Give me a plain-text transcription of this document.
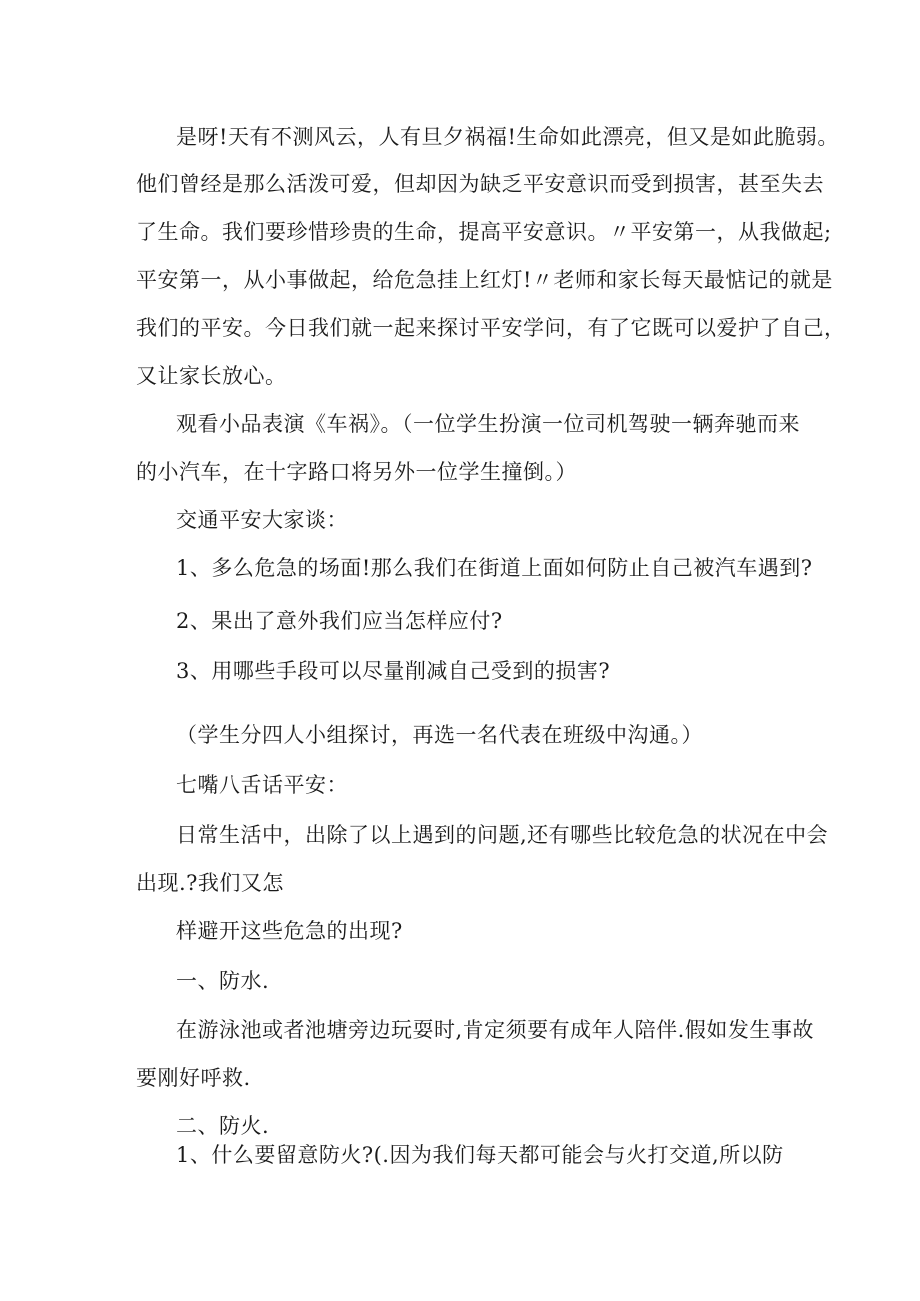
是呀!天有不测风云，人有旦夕祸福!生命如此漂亮，但又是如此脆弱。
他们曾经是那么活泼可爱，但却因为缺乏平安意识而受到损害，甚至失去
了生命。我们要珍惜珍贵的生命，提高平安意识。〃平安第一，从我做起;
平安第一，从小事做起，给危急挂上红灯!〃老师和家长每天最惦记的就是
我们的平安。今日我们就一起来探讨平安学问，有了它既可以爱护了自己，
又让家长放心。
观看小品表演《车祸》。（一位学生扮演一位司机驾驶一辆奔驰而来
的小汽车，在十字路口将另外一位学生撞倒。）
交通平安大家谈：
1、多么危急的场面!那么我们在街道上面如何防止自己被汽车遇到?
2、果出了意外我们应当怎样应付?
3、用哪些手段可以尽量削减自己受到的损害?
（学生分四人小组探讨，再选一名代表在班级中沟通。）
七嘴八舌话平安：
日常生活中，出除了以上遇到的问题,还有哪些比较危急的状况在中会
出现.?我们又怎
样避开这些危急的出现?
一、防水.
在游泳池或者池塘旁边玩耍时,肯定须要有成年人陪伴.假如发生事故
要刚好呼救.
二、防火.
1、什么要留意防火?(.因为我们每天都可能会与火打交道,所以防
